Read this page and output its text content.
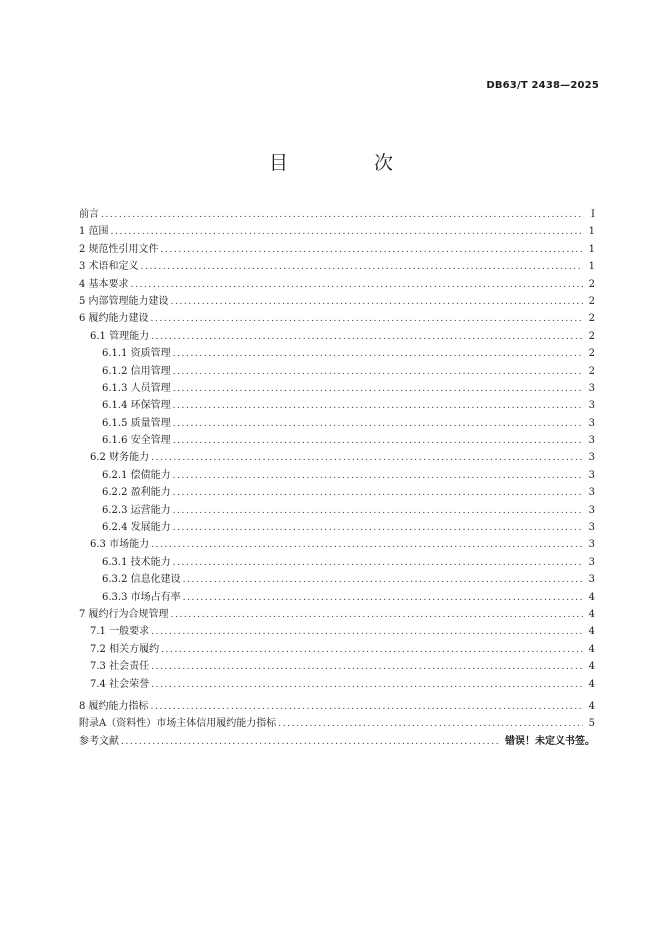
DB63/T 2438—2025
目 次
前言 .....	I
1 范围 .....	1
2 规范性引用文件 .....	1
3 术语和定义 .....	1
4 基本要求 .....	2
5 内部管理能力建设 .....	2
6 履约能力建设 .....	2
6.1 管理能力 .....	2
6.1.1 资质管理 .....	2
6.1.2 信用管理 .....	2
6.1.3 人员管理 .....	3
6.1.4 环保管理 .....	3
6.1.5 质量管理 .....	3
6.1.6 安全管理 .....	3
6.2 财务能力 .....	3
6.2.1 偿债能力 .....	3
6.2.2 盈利能力 .....	3
6.2.3 运营能力 .....	3
6.2.4 发展能力 .....	3
6.3 市场能力 .....	3
6.3.1 技术能力 .....	3
6.3.2 信息化建设 .....	3
6.3.3 市场占有率 .....	4
7 履约行为合规管理 .....	4
7.1 一般要求 .....	4
7.2 相关方履约 .....	4
7.3 社会责任 .....	4
7.4 社会荣誉 .....	4
8 履约能力指标 .....	4
附录A（资料性）市场主体信用履约能力指标 .....	5
参考文献 .....	错误！未定义书签。
